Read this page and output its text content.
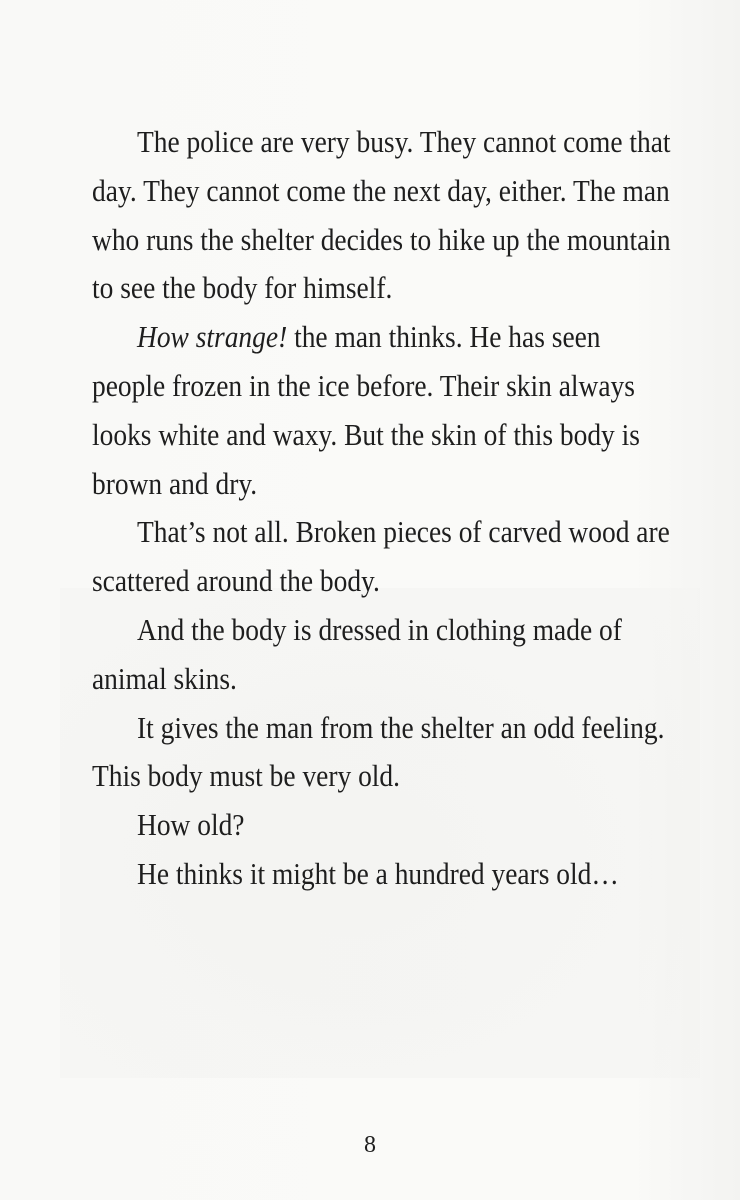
The police are very busy. They cannot come that day. They cannot come the next day, either. The man who runs the shelter decides to hike up the mountain to see the body for himself.

How strange! the man thinks. He has seen people frozen in the ice before. Their skin always looks white and waxy. But the skin of this body is brown and dry.

That’s not all. Broken pieces of carved wood are scattered around the body.

And the body is dressed in clothing made of animal skins.

It gives the man from the shelter an odd feeling. This body must be very old.

How old?

He thinks it might be a hundred years old…

8
